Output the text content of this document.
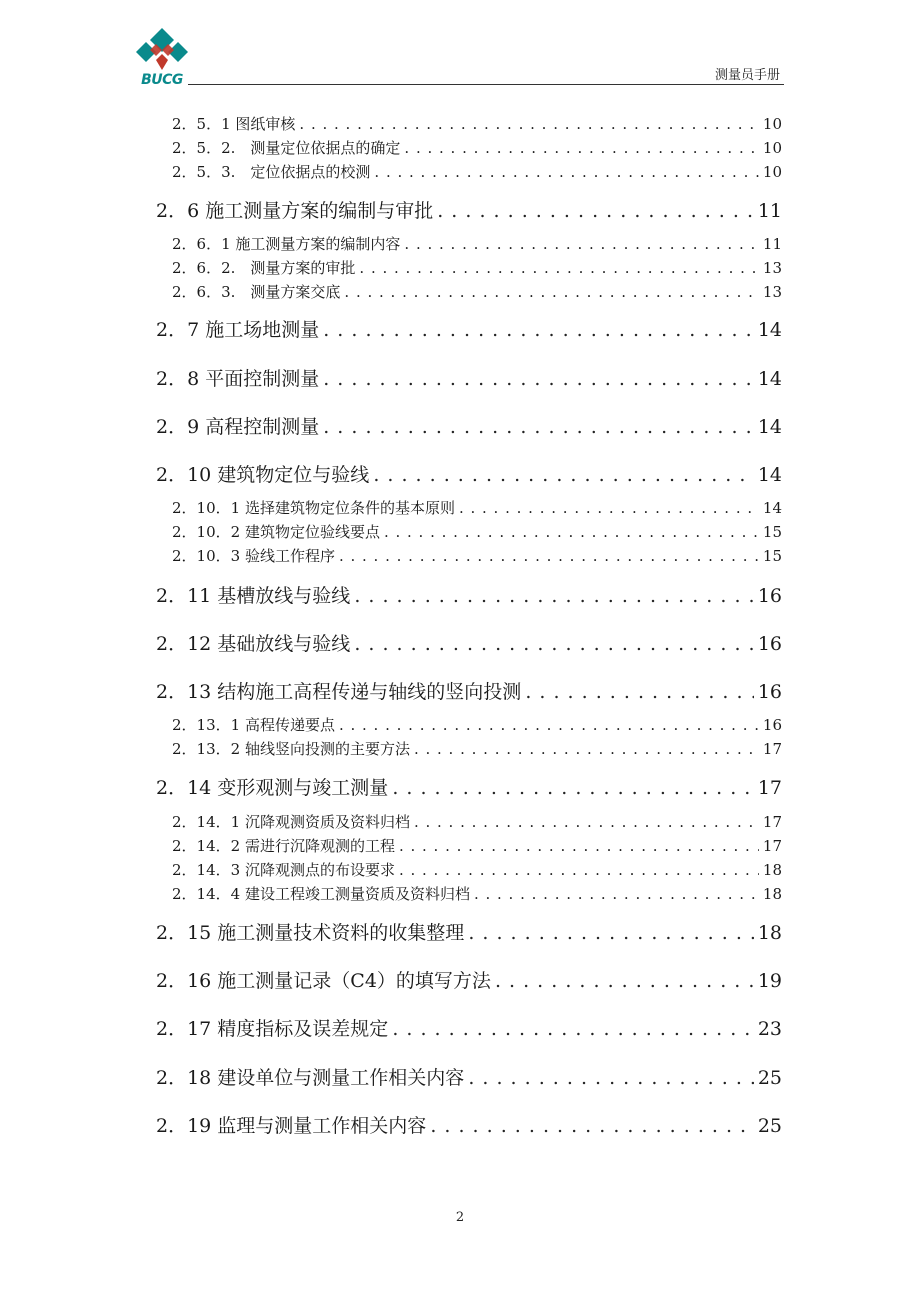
BUCG	测量员手册
2．5．1 图纸审核 . . .	10
2．5．2.　测量定位依据点的确定 . . .	10
2．5．3.　定位依据点的校测 . . .	10
2．6 施工测量方案的编制与审批 . . .	11
2．6．1 施工测量方案的编制内容 . . .	11
2．6．2.　测量方案的审批 . . .	13
2．6．3.　测量方案交底 . . .	13
2．7 施工场地测量 . . .	14
2．8 平面控制测量 . . .	14
2．9 高程控制测量 . . .	14
2．10 建筑物定位与验线 . . .	14
2．10．1 选择建筑物定位条件的基本原则 . . .	14
2．10．2 建筑物定位验线要点 . . .	15
2．10．3 验线工作程序 . . .	15
2．11 基槽放线与验线 . . .	16
2．12 基础放线与验线 . . .	16
2．13 结构施工高程传递与轴线的竖向投测 . . .	16
2．13．1 高程传递要点 . . .	16
2．13．2 轴线竖向投测的主要方法 . . .	17
2．14 变形观测与竣工测量 . . .	17
2．14．1 沉降观测资质及资料归档 . . .	17
2．14．2 需进行沉降观测的工程 . . .	17
2．14．3 沉降观测点的布设要求 . . .	18
2．14．4 建设工程竣工测量资质及资料归档 . . .	18
2．15 施工测量技术资料的收集整理 . . .	18
2．16 施工测量记录（C4）的填写方法 . . .	19
2．17 精度指标及误差规定 . . .	23
2．18 建设单位与测量工作相关内容 . . .	25
2．19 监理与测量工作相关内容 . . .	25
2
